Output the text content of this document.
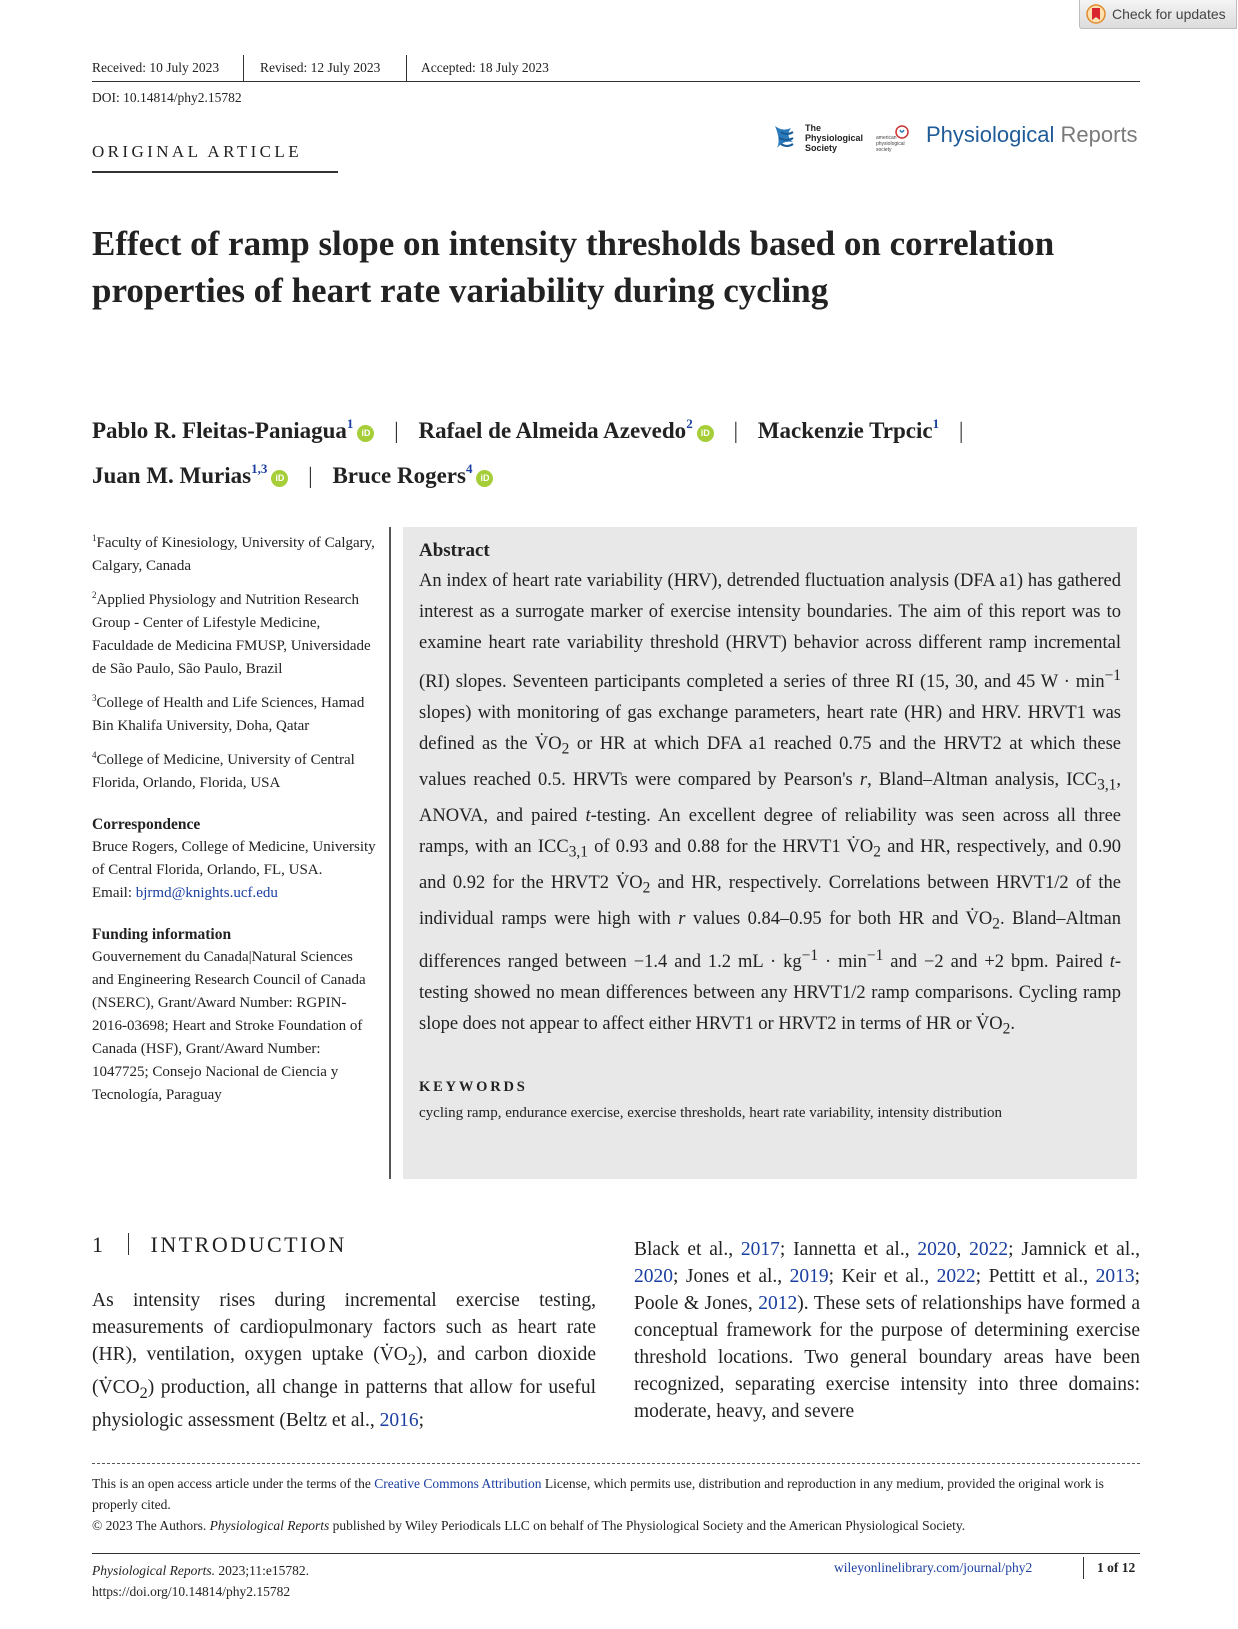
Check for updates
Received: 10 July 2023	Revised: 12 July 2023	Accepted: 18 July 2023
DOI: 10.14814/phy2.15782
ORIGINAL ARTICLE
The
Physiological
Society
american
physiological
society
Physiological Reports
Effect of ramp slope on intensity thresholds based on correlation properties of heart rate variability during cycling
Pablo R. Fleitas-Paniagua$^1$iD | Rafael de Almeida Azevedo$^2$iD | Mackenzie Trpcic$^1$ |
Juan M. Murias$^{1,3}$iD | Bruce Rogers$^4$iD

$^1$Faculty of Kinesiology, University of Calgary, Calgary, Canada

$^2$Applied Physiology and Nutrition Research Group - Center of Lifestyle Medicine, Faculdade de Medicina FMUSP, Universidade de São Paulo, São Paulo, Brazil

$^3$College of Health and Life Sciences, Hamad Bin Khalifa University, Doha, Qatar

$^4$College of Medicine, University of Central Florida, Orlando, Florida, USA

Correspondence

Bruce Rogers, College of Medicine, University of Central Florida, Orlando, FL, USA.

Email: bjrmd@knights.ucf.edu

Funding information

Gouvernement du Canada|Natural Sciences and Engineering Research Council of Canada (NSERC), Grant/Award Number: RGPIN-2016-03698; Heart and Stroke Foundation of Canada (HSF), Grant/Award Number: 1047725; Consejo Nacional de Ciencia y Tecnología, Paraguay

Abstract

An index of heart rate variability (HRV), detrended fluctuation analysis (DFA a1) has gathered interest as a surrogate marker of exercise intensity boundaries. The aim of this report was to examine heart rate variability threshold (HRVT) behavior across different ramp incremental (RI) slopes. Seventeen participants completed a series of three RI (15, 30, and 45 $W \cdot \min^{-1}$ slopes) with monitoring of gas exchange parameters, heart rate (HR) and HRV. HRVT1 was defined as the $V̇O_2$ or HR at which DFA a1 reached 0.75 and the HRVT2 at which these values reached 0.5. HRVTs were compared by Pearson's r, Bland–Altman analysis, $ICC_{3,1}$, ANOVA, and paired t-testing. An excellent degree of reliability was seen across all three ramps, with an $ICC_{3,1}$ of 0.93 and 0.88 for the HRVT1 $V̇O_2$ and HR, respectively, and 0.90 and 0.92 for the HRVT2 $V̇O_2$ and HR, respectively. Correlations between HRVT1/2 of the individual ramps were high with r values 0.84–0.95 for both HR and $V̇O_2$. Bland–Altman differences ranged between −1.4 and 1.2 mL · $kg^{-1} \cdot \min^{-1}$ and −2 and +2 bpm. Paired t-testing showed no mean differences between any HRVT1/2 ramp comparisons. Cycling ramp slope does not appear to affect either HRVT1 or HRVT2 in terms of HR or $V̇O_2$.

KEYWORDS

cycling ramp, endurance exercise, exercise thresholds, heart rate variability, intensity distribution

1 INTRODUCTION

As intensity rises during incremental exercise testing, measurements of cardiopulmonary factors such as heart rate (HR), ventilation, oxygen uptake $(V̇O_2)$, and carbon dioxide $(V̇CO_2)$ production, all change in patterns that allow for useful physiologic assessment (Beltz et al., 2016;

Black et al., 2017; Iannetta et al., 2020, 2022; Jamnick et al., 2020; Jones et al., 2019; Keir et al., 2022; Pettitt et al., 2013; Poole & Jones, 2012). These sets of relationships have formed a conceptual framework for the purpose of determining exercise threshold locations. Two general boundary areas have been recognized, separating exercise intensity into three domains: moderate, heavy, and severe

This is an open access article under the terms of the Creative Commons Attribution License, which permits use, distribution and reproduction in any medium, provided the original work is properly cited.
© 2023 The Authors. Physiological Reports published by Wiley Periodicals LLC on behalf of The Physiological Society and the American Physiological Society.
Physiological Reports. 2023;11:e15782.
https://doi.org/10.14814/phy2.15782
wileyonlinelibrary.com/journal/phy2	1 of 12
